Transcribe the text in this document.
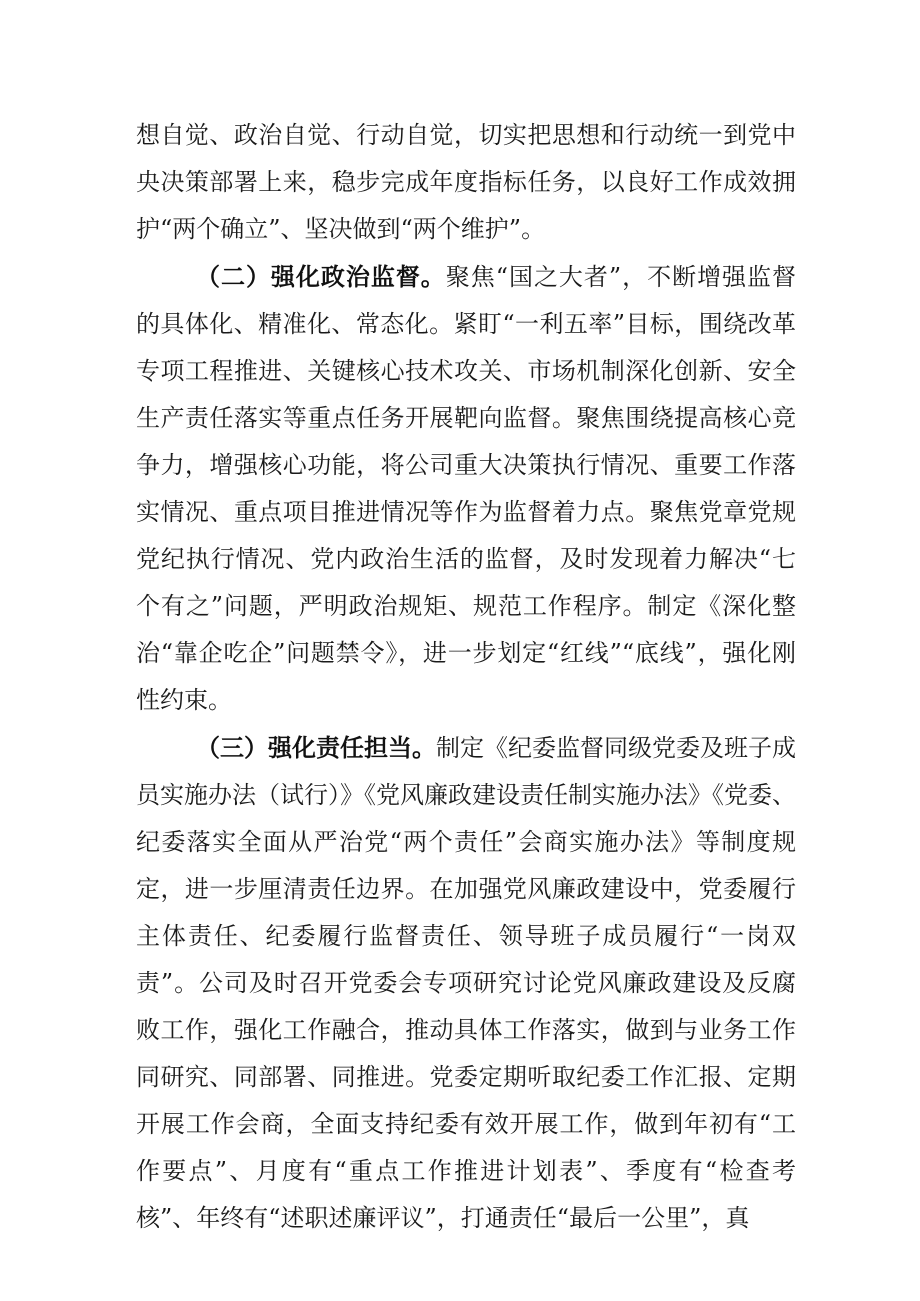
想自觉、政治自觉、行动自觉，切实把思想和行动统一到党中央决策部署上来，稳步完成年度指标任务，以良好工作成效拥护“两个确立”、坚决做到“两个维护”。

（二）强化政治监督。聚焦“国之大者”，不断增强监督的具体化、精准化、常态化。紧盯“一利五率”目标，围绕改革专项工程推进、关键核心技术攻关、市场机制深化创新、安全生产责任落实等重点任务开展靶向监督。聚焦围绕提高核心竞争力，增强核心功能，将公司重大决策执行情况、重要工作落实情况、重点项目推进情况等作为监督着力点。聚焦党章党规党纪执行情况、党内政治生活的监督，及时发现着力解决“七个有之”问题，严明政治规矩、规范工作程序。制定《深化整治“靠企吃企”问题禁令》，进一步划定“红线”“底线”，强化刚性约束。

（三）强化责任担当。制定《纪委监督同级党委及班子成员实施办法（试行）》《党风廉政建设责任制实施办法》《党委、纪委落实全面从严治党“两个责任”会商实施办法》等制度规定，进一步厘清责任边界。在加强党风廉政建设中，党委履行主体责任、纪委履行监督责任、领导班子成员履行“一岗双责”。公司及时召开党委会专项研究讨论党风廉政建设及反腐败工作，强化工作融合，推动具体工作落实，做到与业务工作同研究、同部署、同推进。党委定期听取纪委工作汇报、定期开展工作会商，全面支持纪委有效开展工作，做到年初有“工作要点”、月度有“重点工作推进计划表”、季度有“检查考核”、年终有“述职述廉评议”，打通责任“最后一公里”，真
